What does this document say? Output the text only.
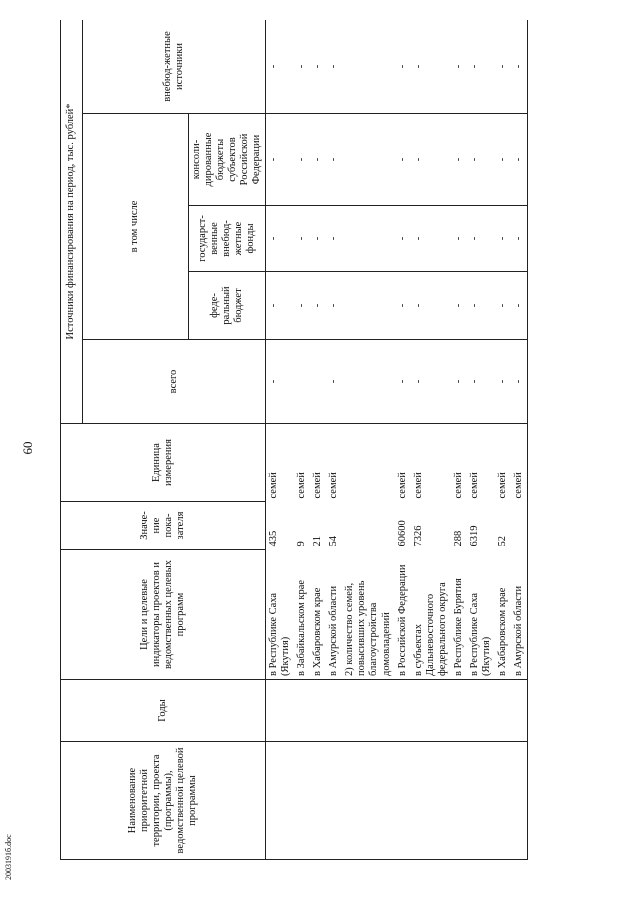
60
2003191б.doc
Наименование приоритетной территории, проекта (программы), ведомственной целевой программы	Годы	Цели и целевые индикаторы проектов и ведомственных целевых программ	Значе-ние пока-зателя	Единица измерения	Источники финансирования на период, тыс. рублей*				
					всего	в том числе			внебюд-жетные источники
						феде-ральный бюджет	государст-венные внебюд-жетные фонды	консоли-дированные бюджеты субъектов Российской Федерации	
		в Республике Саха (Якутия)	435	семей	-	-	-	-	-
		в Забайкальском крае	9	семей		-	-	-	-
		в Хабаровском крае	21	семей		-	-	-	-
		в Амурской области	54	семей	-	-	-	-	-
		2) количество семей, повысивших уровень благоустройства домовладений							
		в Российской Федерации	60600	семей	-	-	-	-	-
		в субъектах Дальневосточного федерального округа	7326	семей	-	-	-	-	-
		в Республике Бурятия	288	семей	-	-	-	-	-
		в Республике Саха (Якутия)	6319	семей	-	-	-	-	-
		в Хабаровском крае	52	семей	-	-	-	-	-
		в Амурской области		семей	-	-	-	-	-
